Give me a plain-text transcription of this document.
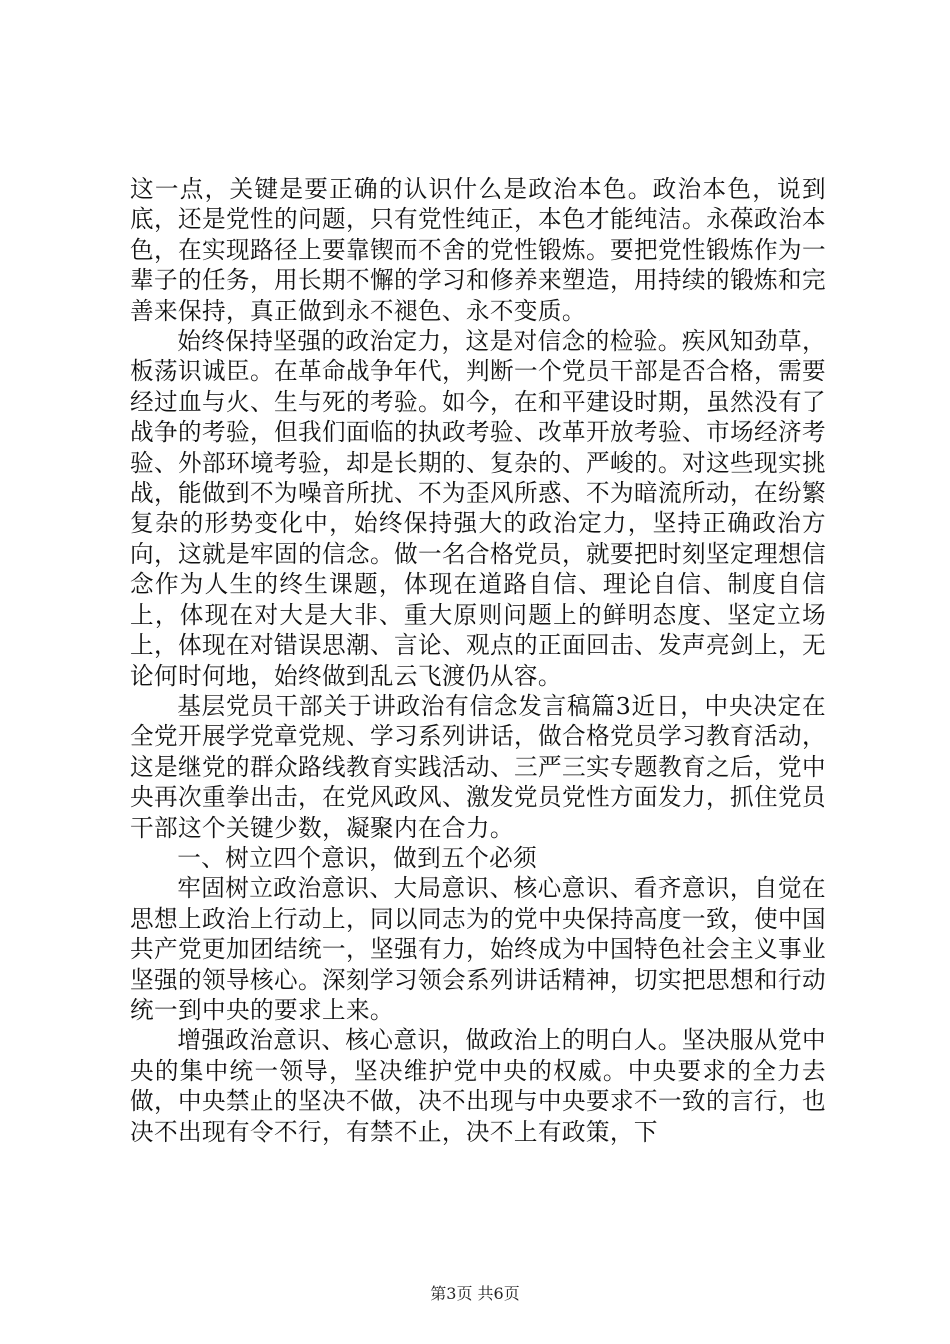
这一点，关键是要正确的认识什么是政治本色。政治本色，说到底，还是党性的问题，只有党性纯正，本色才能纯洁。永葆政治本色，在实现路径上要靠锲而不舍的党性锻炼。要把党性锻炼作为一辈子的任务，用长期不懈的学习和修养来塑造，用持续的锻炼和完善来保持，真正做到永不褪色、永不变质。

始终保持坚强的政治定力，这是对信念的检验。疾风知劲草，板荡识诚臣。在革命战争年代，判断一个党员干部是否合格，需要经过血与火、生与死的考验。如今，在和平建设时期，虽然没有了战争的考验，但我们面临的执政考验、改革开放考验、市场经济考验、外部环境考验，却是长期的、复杂的、严峻的。对这些现实挑战，能做到不为噪音所扰、不为歪风所惑、不为暗流所动，在纷繁复杂的形势变化中，始终保持强大的政治定力，坚持正确政治方向，这就是牢固的信念。做一名合格党员，就要把时刻坚定理想信念作为人生的终生课题，体现在道路自信、理论自信、制度自信上，体现在对大是大非、重大原则问题上的鲜明态度、坚定立场上，体现在对错误思潮、言论、观点的正面回击、发声亮剑上，无论何时何地，始终做到乱云飞渡仍从容。

基层党员干部关于讲政治有信念发言稿篇3近日，中央决定在全党开展学党章党规、学习系列讲话，做合格党员学习教育活动，这是继党的群众路线教育实践活动、三严三实专题教育之后，党中央再次重拳出击，在党风政风、激发党员党性方面发力，抓住党员干部这个关键少数，凝聚内在合力。

一、树立四个意识，做到五个必须

牢固树立政治意识、大局意识、核心意识、看齐意识，自觉在思想上政治上行动上，同以同志为的党中央保持高度一致，使中国共产党更加团结统一，坚强有力，始终成为中国特色社会主义事业坚强的领导核心。深刻学习领会系列讲话精神，切实把思想和行动统一到中央的要求上来。

增强政治意识、核心意识，做政治上的明白人。坚决服从党中央的集中统一领导，坚决维护党中央的权威。中央要求的全力去做，中央禁止的坚决不做，决不出现与中央要求不一致的言行，也决不出现有令不行，有禁不止，决不上有政策，下

第3页 共6页
